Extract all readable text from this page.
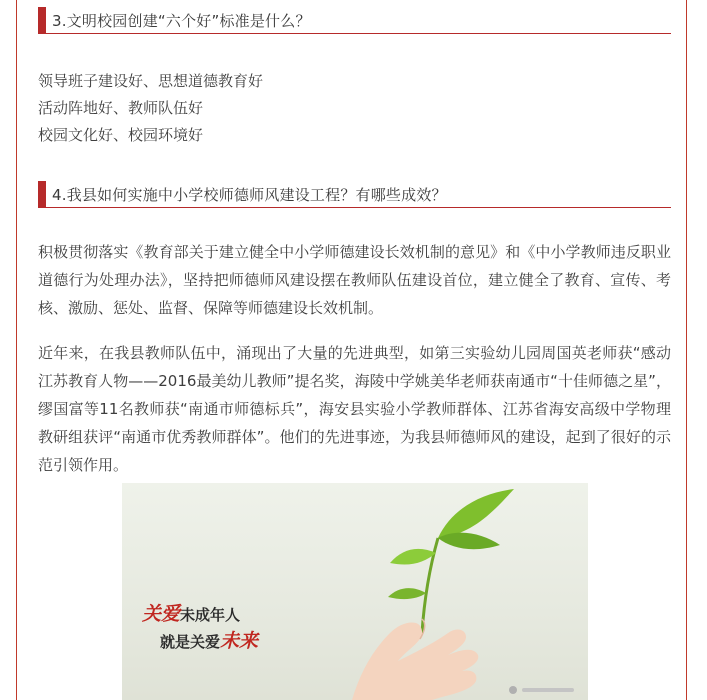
3.文明校园创建“六个好”标准是什么？
领导班子建设好、思想道德教育好
活动阵地好、教师队伍好
校园文化好、校园环境好
4.我县如何实施中小学校师德师风建设工程？有哪些成效？
积极贯彻落实《教育部关于建立健全中小学师德建设长效机制的意见》和《中小学教师违反职业道德行为处理办法》，坚持把师德师风建设摆在教师队伍建设首位，建立健全了教育、宣传、考核、激励、惩处、监督、保障等师德建设长效机制。
近年来，在我县教师队伍中，涌现出了大量的先进典型，如第三实验幼儿园周国英老师获“感动江苏教育人物——2016最美幼儿教师”提名奖，海陵中学姚美华老师获南通市“十佳师德之星”，缪国富等11名教师获“南通市师德标兵”，海安县实验小学教师群体、江苏省海安高级中学物理教研组获评“南通市优秀教师群体”。他们的先进事迹，为我县师德师风的建设，起到了很好的示范引领作用。
关爱未成年人
就是关爱未来
